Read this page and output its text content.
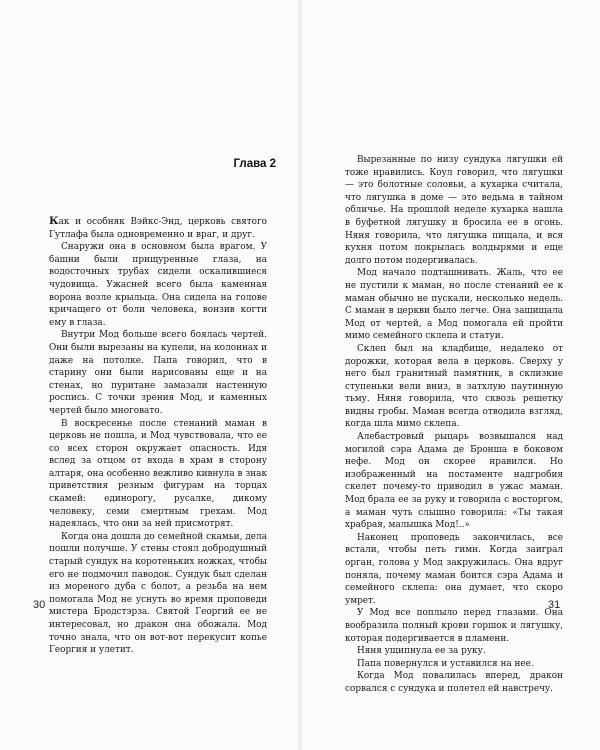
Глава 2

Как и особняк Вэйкс-Энд, церковь святого Гутлафа была одновременно и враг, и друг.

Снаружи она в основном была врагом. У башни были прищуренные глаза, на водосточных трубах сидели оскалившиеся чудовища. Ужасней всего была каменная ворона возле крыльца. Она сидела на голове кричащего от боли человека, вонзив когти ему в глаза.

Внутри Мод больше всего боялась чертей. Они были вырезаны на купели, на колоннах и даже на потолке. Папа говорил, что в старину они были нарисованы еще и на стенах, но пуритане замазали настенную роспись. С точки зрения Мод, и каменных чертей было многовато.

В воскресенье после стенаний маман в церковь не пошла, и Мод чувствовала, что ее со всех сторон окружает опасность. Идя вслед за отцом от входа в храм в сторону алтаря, она особенно вежливо кивнула в знак приветствия резным фигурам на торцах скамей: единорогу, русалке, дикому человеку, семи смертным грехам. Мод надеялась, что они за ней присмотрят.

Когда она дошла до семейной скамьи, дела пошли получше. У стены стоял добродушный старый сундук на коротеньких ножках, чтобы его не подмочил паводок. Сундук был сделан из мореного дуба с болот, а резьба на нем помогала Мод не уснуть во время проповеди мистера Бродстэрза. Святой Георгий ее не интересовал, но дракон она обожала. Мод точно знала, что он вот-вот перекусит копье Георгия и улетит.

30	31

Вырезанные по низу сундука лягушки ей тоже нравились. Коул говорил, что лягушки — это болотные соловьи, а кухарка считала, что лягушка в доме — это ведьма в тайном обличье. На прошлой неделе кухарка нашла в буфетной лягушку и бросила ее в огонь. Няня говорила, что лягушка пищала, и вся кухня потом покрылась волдырями и еще долго потом подергивалась.

Мод начало подташнивать. Жаль, что ее не пустили к маман, но после стенаний ее к маман обычно не пускали, несколько недель. С маман в церкви было легче. Она защищала Мод от чертей, а Мод помогала ей пройти мимо семейного склепа и статуи.

Склеп был на кладбище, недалеко от дорожки, которая вела в церковь. Сверху у него был гранитный памятник, в склизкие ступеньки вели вниз, в затхлую паутинную тьму. Няня говорила, что сквозь решетку видны гробы. Маман всегда отводила взгляд, когда шла мимо склепа.

Алебастровый рыцарь возвышался над могилой сэра Адама де Бронша в боковом нефе. Мод он скорее нравился. Но изображенный на постаменте надгробия скелет почему-то приводил в ужас маман. Мод брала ее за руку и говорила с восторгом, а маман чуть слышно говорила: «Ты такая храбрая, малышка Мод!..»

Наконец проповедь закончилась, все встали, чтобы петь гимн. Когда заиграл орган, голова у Мод закружилась. Она вдруг поняла, почему маман боится сэра Адама и семейного склепа: она думает, что скоро умрет.

У Мод все поплыло перед глазами. Она вообразила полный крови горшок и лягушку, которая подергивается в пламени.

Няня ущипнула ее за руку.

Папа повернулся и уставился на нее.

Когда Мод повалилась вперед, дракон сорвался с сундука и полетел ей навстречу.
